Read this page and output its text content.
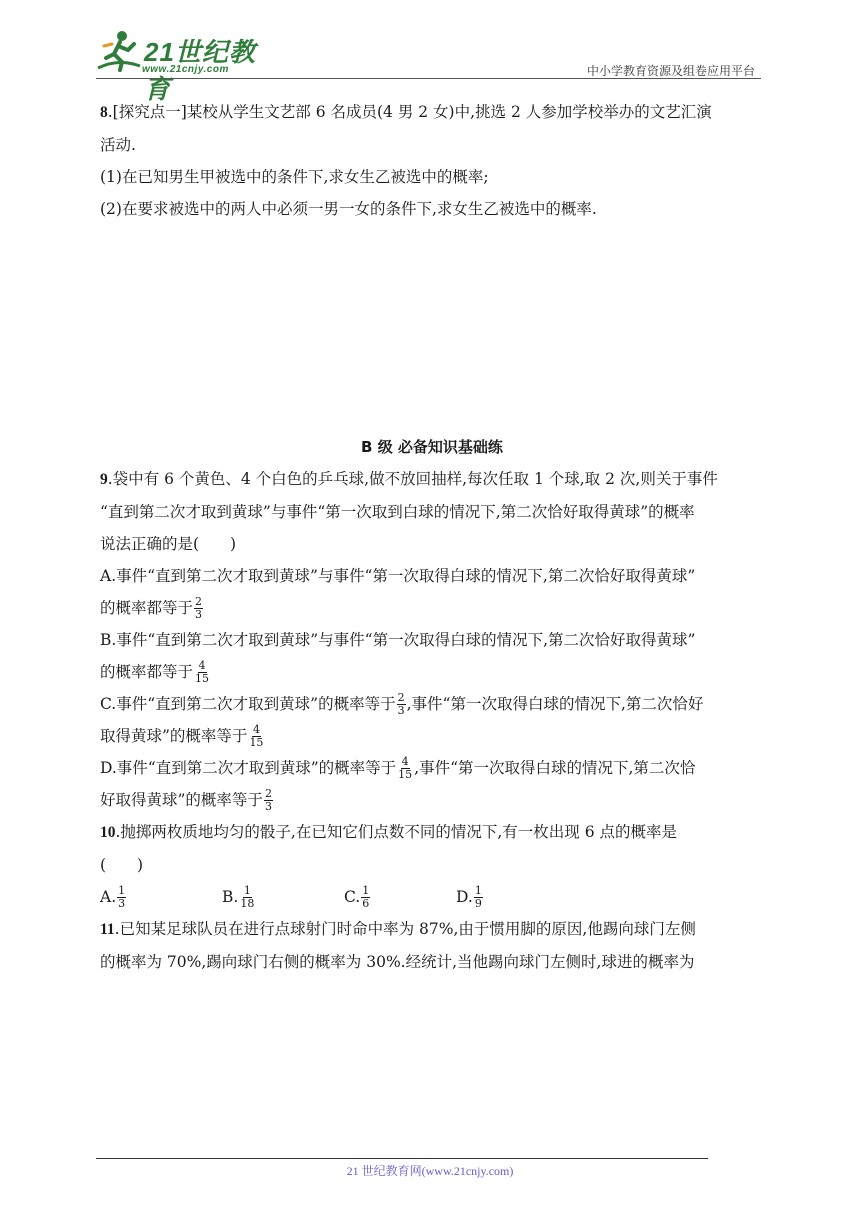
21世纪教育
www.21cnjy.com	中小学教育资源及组卷应用平台

8.[探究点一]某校从学生文艺部 6 名成员(4 男 2 女)中,挑选 2 人参加学校举办的文艺汇演

活动.

(1)在已知男生甲被选中的条件下,求女生乙被选中的概率;

(2)在要求被选中的两人中必须一男一女的条件下,求女生乙被选中的概率.

B 级 必备知识基础练

9.袋中有 6 个黄色、4 个白色的乒乓球,做不放回抽样,每次任取 1 个球,取 2 次,则关于事件

“直到第二次才取到黄球”与事件“第一次取到白球的情况下,第二次恰好取得黄球”的概率

说法正确的是(　　)

A.事件“直到第二次才取到黄球”与事件“第一次取得白球的情况下,第二次恰好取得黄球”

的概率都等于 $\frac{2}{3}$

B.事件“直到第二次才取到黄球”与事件“第一次取得白球的情况下,第二次恰好取得黄球”

的概率都等于 $\frac{4}{15}$

C.事件“直到第二次才取到黄球”的概率等于 $\frac{2}{3}$ ,事件“第一次取得白球的情况下,第二次恰好

取得黄球”的概率等于 $\frac{4}{15}$

D.事件“直到第二次才取到黄球”的概率等于 $\frac{4}{15}$ ,事件“第一次取得白球的情况下,第二次恰

好取得黄球”的概率等于 $\frac{2}{3}$

10.抛掷两枚质地均匀的骰子,在已知它们点数不同的情况下,有一枚出现 6 点的概率是

(　　)

A. $\frac{1}{3}$	B. $\frac{1}{18}$	C. $\frac{1}{6}$	D. $\frac{1}{9}$

11.已知某足球队员在进行点球射门时命中率为 87%,由于惯用脚的原因,他踢向球门左侧

的概率为 70%,踢向球门右侧的概率为 30%.经统计,当他踢向球门左侧时,球进的概率为

21 世纪教育网(www.21cnjy.com)
